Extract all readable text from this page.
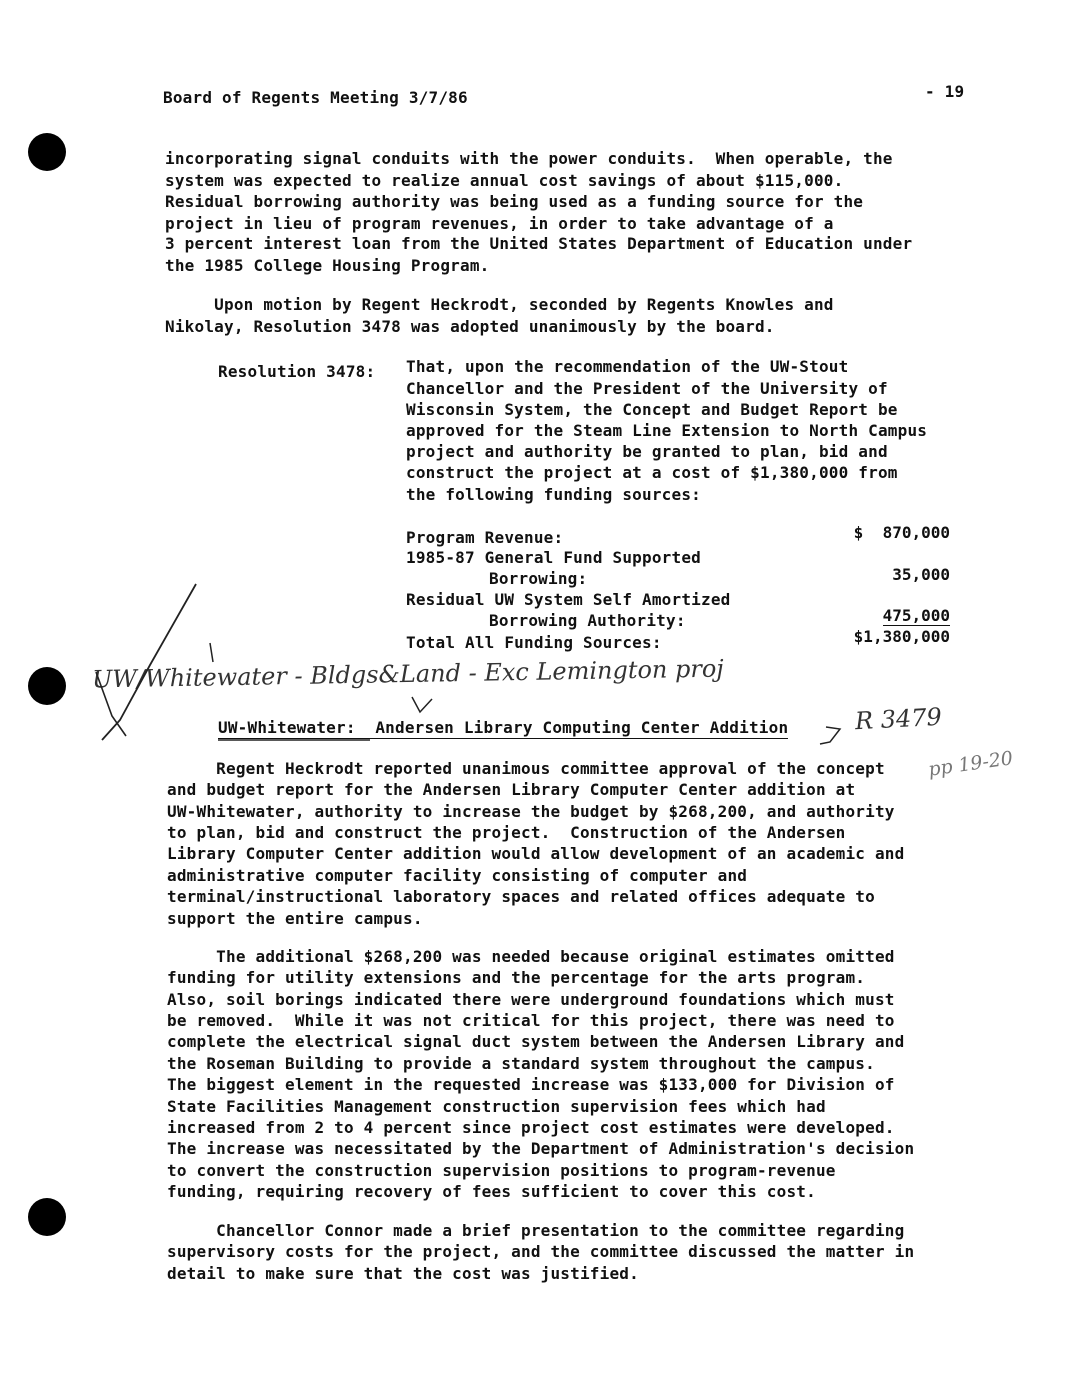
Board of Regents Meeting 3/7/86	- 19
incorporating signal conduits with the power conduits.  When operable, the
system was expected to realize annual cost savings of about $115,000.
Residual borrowing authority was being used as a funding source for the
project in lieu of program revenues, in order to take advantage of a
3 percent interest loan from the United States Department of Education under
the 1985 College Housing Program.
Upon motion by Regent Heckrodt, seconded by Regents Knowles and
Nikolay, Resolution 3478 was adopted unanimously by the board.
Resolution 3478: That, upon the recommendation of the UW-Stout
Chancellor and the President of the University of
Wisconsin System, the Concept and Budget Report be
approved for the Steam Line Extension to North Campus
project and authority be granted to plan, bid and
construct the project at a cost of $1,380,000 from
the following funding sources:
Program Revenue:	$  870,000
1985-87 General Fund Supported
Borrowing:	35,000
Residual UW System Self Amortized
Borrowing Authority:	475,000
Total All Funding Sources:	$1,380,000
UW/Whitewater - Bldgs&Land - Exc Lemington proj
R 3479
pp 19-20
UW-Whitewater:  Andersen Library Computing Center Addition
Regent Heckrodt reported unanimous committee approval of the concept
and budget report for the Andersen Library Computer Center addition at
UW-Whitewater, authority to increase the budget by $268,200, and authority
to plan, bid and construct the project.  Construction of the Andersen
Library Computer Center addition would allow development of an academic and
administrative computer facility consisting of computer and
terminal/instructional laboratory spaces and related offices adequate to
support the entire campus.
The additional $268,200 was needed because original estimates omitted
funding for utility extensions and the percentage for the arts program.
Also, soil borings indicated there were underground foundations which must
be removed.  While it was not critical for this project, there was need to
complete the electrical signal duct system between the Andersen Library and
the Roseman Building to provide a standard system throughout the campus.
The biggest element in the requested increase was $133,000 for Division of
State Facilities Management construction supervision fees which had
increased from 2 to 4 percent since project cost estimates were developed.
The increase was necessitated by the Department of Administration's decision
to convert the construction supervision positions to program-revenue
funding, requiring recovery of fees sufficient to cover this cost.
Chancellor Connor made a brief presentation to the committee regarding
supervisory costs for the project, and the committee discussed the matter in
detail to make sure that the cost was justified.
